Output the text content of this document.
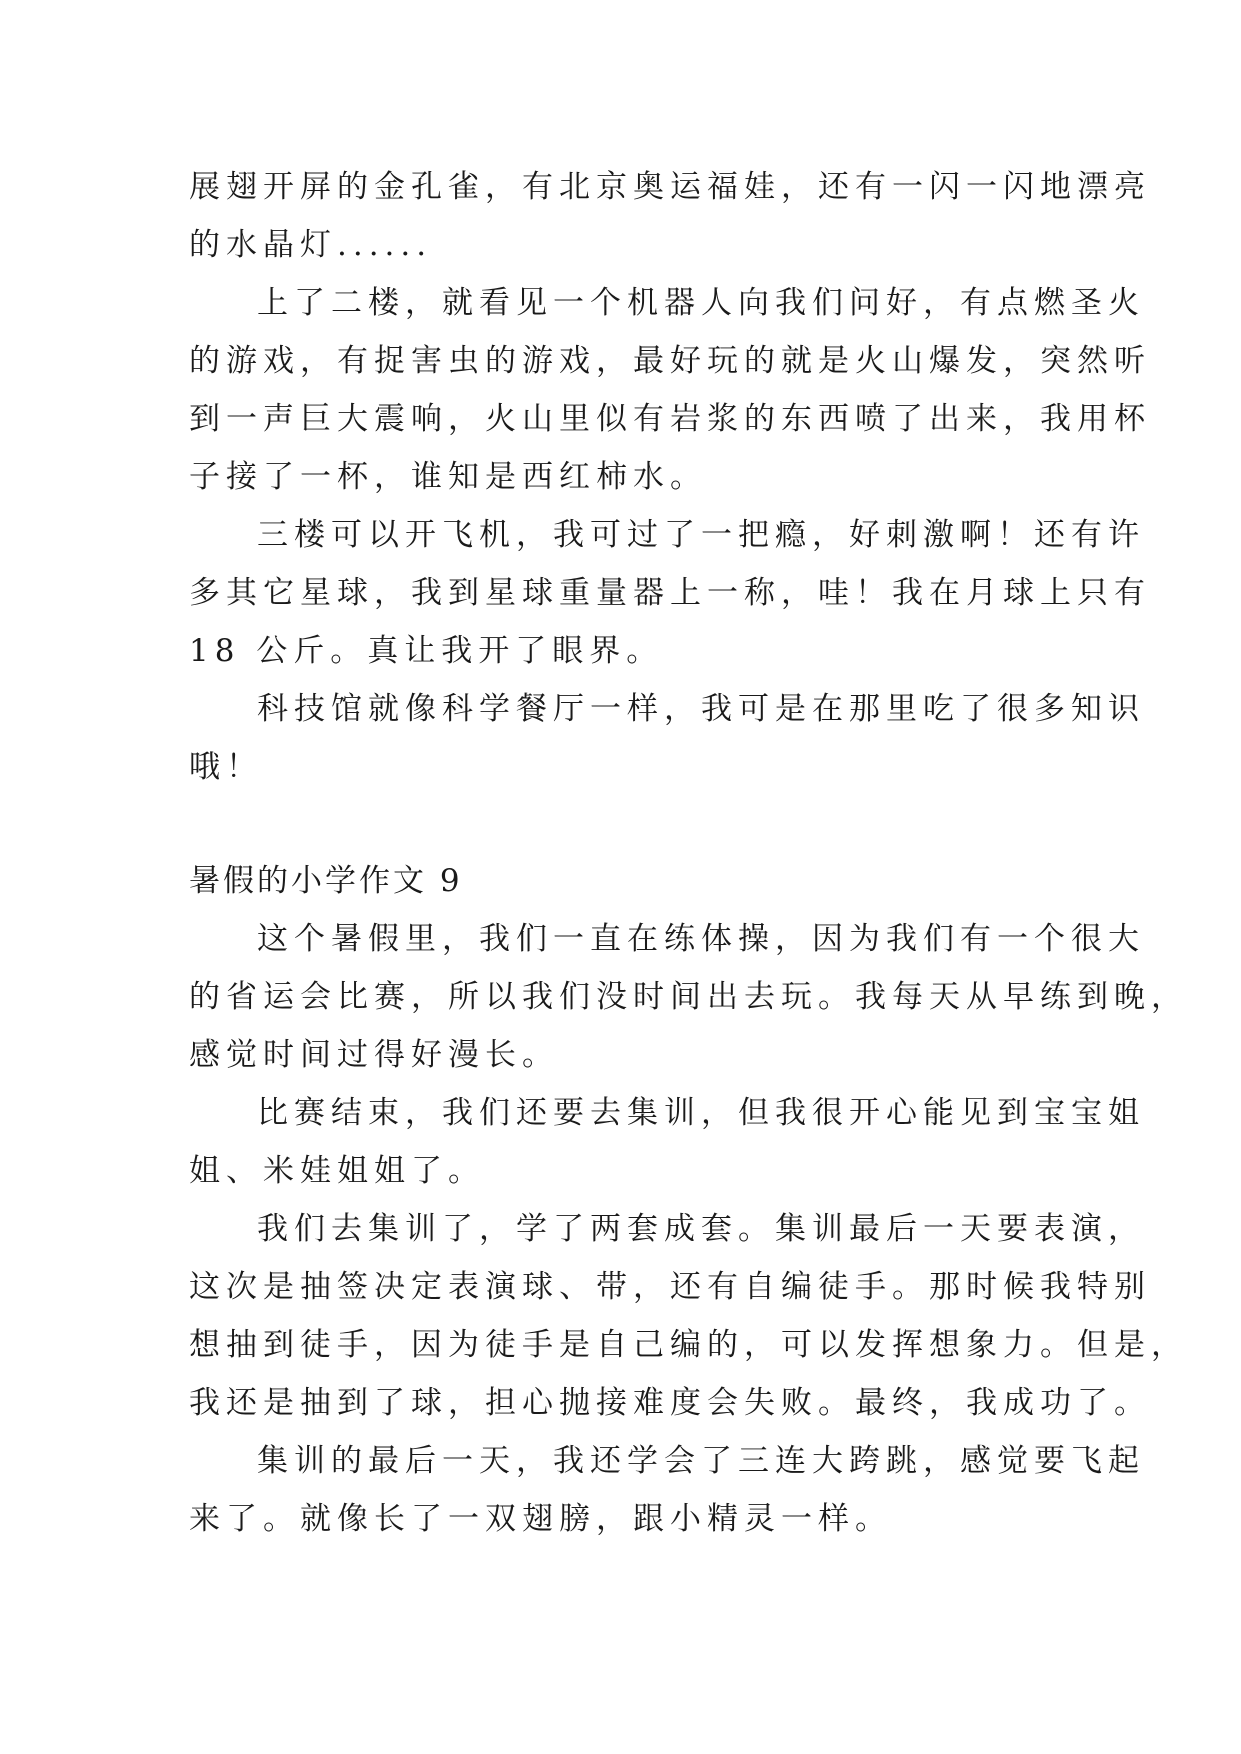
展翅开屏的金孔雀，有北京奥运福娃，还有一闪一闪地漂亮
的水晶灯......
上了二楼，就看见一个机器人向我们问好，有点燃圣火
的游戏，有捉害虫的游戏，最好玩的就是火山爆发，突然听
到一声巨大震响，火山里似有岩浆的东西喷了出来，我用杯
子接了一杯，谁知是西红柿水。
三楼可以开飞机，我可过了一把瘾，好刺激啊！还有许
多其它星球，我到星球重量器上一称，哇！我在月球上只有
18 公斤。真让我开了眼界。
科技馆就像科学餐厅一样，我可是在那里吃了很多知识
哦！
暑假的小学作文 9
这个暑假里，我们一直在练体操，因为我们有一个很大
的省运会比赛，所以我们没时间出去玩。我每天从早练到晚，
感觉时间过得好漫长。
比赛结束，我们还要去集训，但我很开心能见到宝宝姐
姐、米娃姐姐了。
我们去集训了，学了两套成套。集训最后一天要表演，
这次是抽签决定表演球、带，还有自编徒手。那时候我特别
想抽到徒手，因为徒手是自己编的，可以发挥想象力。但是，
我还是抽到了球，担心抛接难度会失败。最终，我成功了。
集训的最后一天，我还学会了三连大跨跳，感觉要飞起
来了。就像长了一双翅膀，跟小精灵一样。
